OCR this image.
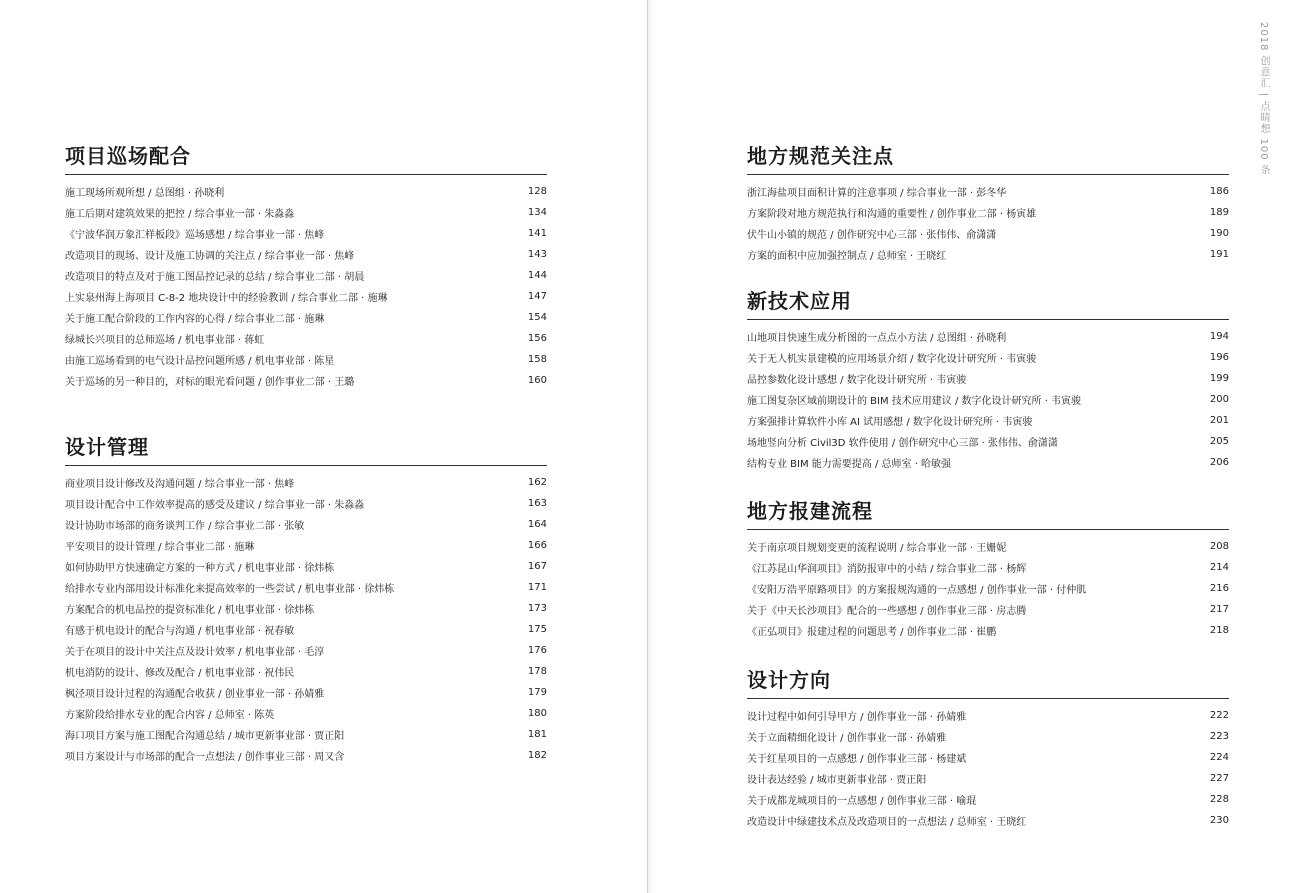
2018 创意汇 | 点睛想 100 条
项目巡场配合
施工现场所观所想 / 总图组 · 孙晓利	128
施工后期对建筑效果的把控 / 综合事业一部 · 朱淼淼	134
《宁波华润万象汇样板段》巡场感想 / 综合事业一部 · 焦峰	141
改造项目的现场、设计及施工协调的关注点 / 综合事业一部 · 焦峰	143
改造项目的特点及对于施工图品控记录的总结 / 综合事业二部 · 胡晨	144
上实泉州海上海项目 C-8-2 地块设计中的经验教训 / 综合事业二部 · 施琳	147
关于施工配合阶段的工作内容的心得 / 综合事业二部 · 施琳	154
绿城长兴项目的总师巡场 / 机电事业部 · 蒋虹	156
由施工巡场看到的电气设计品控问题所感 / 机电事业部 · 陈星	158
关于巡场的另一种目的，对标的眼光看问题 / 创作事业二部 · 王璐	160
设计管理
商业项目设计修改及沟通问题 / 综合事业一部 · 焦峰	162
项目设计配合中工作效率提高的感受及建议 / 综合事业一部 · 朱淼淼	163
设计协助市场部的商务谈判工作 / 综合事业二部 · 张敏	164
平安项目的设计管理 / 综合事业二部 · 施琳	166
如何协助甲方快速确定方案的一种方式 / 机电事业部 · 徐炜栋	167
给排水专业内部用设计标准化来提高效率的一些尝试 / 机电事业部 · 徐炜栋	171
方案配合的机电品控的提资标准化 / 机电事业部 · 徐炜栋	173
有感于机电设计的配合与沟通 / 机电事业部 · 祝春敏	175
关于在项目的设计中关注点及设计效率 / 机电事业部 · 毛淳	176
机电消防的设计、修改及配合 / 机电事业部 · 祝伟民	178
枫泾项目设计过程的沟通配合收获 / 创业事业一部 · 孙婧雅	179
方案阶段给排水专业的配合内容 / 总师室 · 陈英	180
海口项目方案与施工图配合沟通总结 / 城市更新事业部 · 贾正阳	181
项目方案设计与市场部的配合一点想法 / 创作事业三部 · 周又含	182
地方规范关注点
浙江海盐项目面积计算的注意事项 / 综合事业一部 · 彭冬华	186
方案阶段对地方规范执行和沟通的重要性 / 创作事业二部 · 杨寅雄	189
伏牛山小镇的规范 / 创作研究中心三部 · 张伟伟、俞潇潇	190
方案的面积中应加强控制点 / 总师室 · 王晓红	191
新技术应用
山地项目快速生成分析图的一点点小方法 / 总图组 · 孙晓利	194
关于无人机实景建模的应用场景介绍 / 数字化设计研究所 · 韦寅骏	196
品控参数化设计感想 / 数字化设计研究所 · 韦寅骏	199
施工图复杂区域前期设计的 BIM 技术应用建议 / 数字化设计研究所 · 韦寅骏	200
方案强排计算软件小库 AI 试用感想 / 数字化设计研究所 · 韦寅骏	201
场地竖向分析 Civil3D 软件使用 / 创作研究中心三部 · 张伟伟、俞潇潇	205
结构专业 BIM 能力需要提高 / 总师室 · 哈敏强	206
地方报建流程
关于南京项目规划变更的流程说明 / 综合事业一部 · 王姗妮	208
《江苏昆山华润项目》消防报审中的小结 / 综合事业二部 · 杨辉	214
《安阳万浩平原路项目》的方案报规沟通的一点感想 / 创作事业一部 · 付仲肌	216
关于《中天长沙项目》配合的一些感想 / 创作事业三部 · 房志腾	217
《正弘项目》报建过程的问题思考 / 创作事业二部 · 崔鹏	218
设计方向
设计过程中如何引导甲方 / 创作事业一部 · 孙婧雅	222
关于立面精细化设计 / 创作事业一部 · 孙婧雅	223
关于红星项目的一点感想 / 创作事业三部 · 杨建斌	224
设计表达经验 / 城市更新事业部 · 贾正阳	227
关于成都龙城项目的一点感想 / 创作事业三部 · 喻琨	228
改造设计中绿建技术点及改造项目的一点想法 / 总师室 · 王晓红	230
